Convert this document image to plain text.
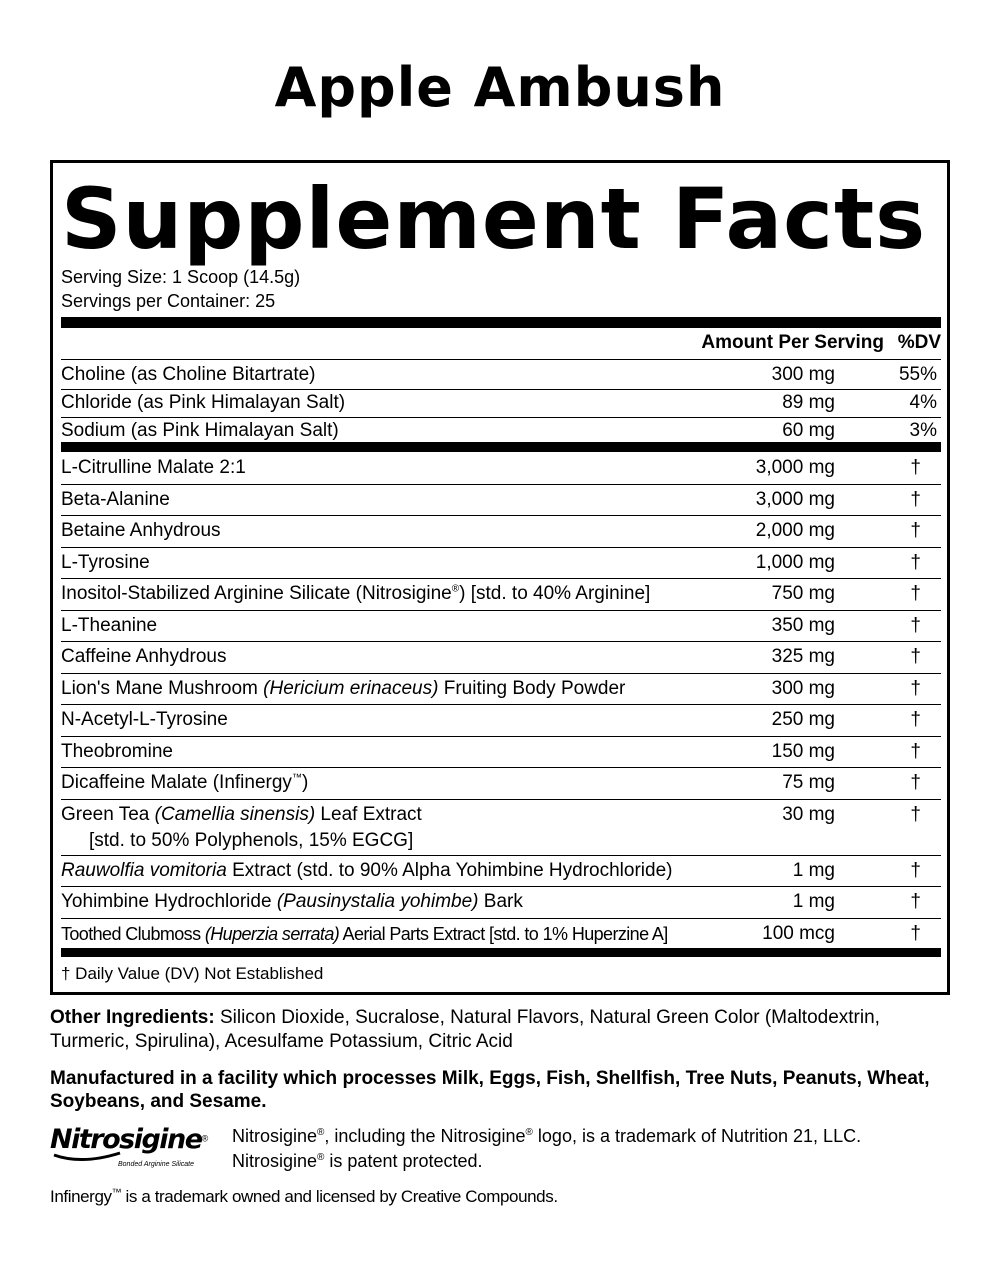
Apple Ambush
Supplement Facts
Serving Size: 1 Scoop (14.5g)
Servings per Container: 25
Amount Per Serving %DV
Choline (as Choline Bitartrate)	300 mg	55%
Chloride (as Pink Himalayan Salt)	89 mg	4%
Sodium (as Pink Himalayan Salt)	60 mg	3%
L-Citrulline Malate 2:1	3,000 mg	†
Beta-Alanine	3,000 mg	†
Betaine Anhydrous	2,000 mg	†
L-Tyrosine	1,000 mg	†
Inositol-Stabilized Arginine Silicate (Nitrosigine®) [std. to 40% Arginine]	750 mg	†
L-Theanine	350 mg	†
Caffeine Anhydrous	325 mg	†
Lion's Mane Mushroom (Hericium erinaceus) Fruiting Body Powder	300 mg	†
N-Acetyl-L-Tyrosine	250 mg	†
Theobromine	150 mg	†
Dicaffeine Malate (Infinergy™)	75 mg	†
Green Tea (Camellia sinensis) Leaf Extract
[std. to 50% Polyphenols, 15% EGCG]
30 mg	†
Rauwolfia vomitoria Extract (std. to 90% Alpha Yohimbine Hydrochloride)	1 mg	†
Yohimbine Hydrochloride (Pausinystalia yohimbe) Bark	1 mg	†
Toothed Clubmoss (Huperzia serrata) Aerial Parts Extract [std. to 1% Huperzine A]	100 mcg	†
† Daily Value (DV) Not Established
Other Ingredients: Silicon Dioxide, Sucralose, Natural Flavors, Natural Green Color (Maltodextrin, Turmeric, Spirulina), Acesulfame Potassium, Citric Acid
Manufactured in a facility which processes Milk, Eggs, Fish, Shellfish, Tree Nuts, Peanuts, Wheat, Soybeans, and Sesame.
Nitrosigine®
Bonded Arginine Silicate
Nitrosigine®, including the Nitrosigine® logo, is a trademark of Nutrition 21, LLC. Nitrosigine® is patent protected.
Infinergy™ is a trademark owned and licensed by Creative Compounds.
